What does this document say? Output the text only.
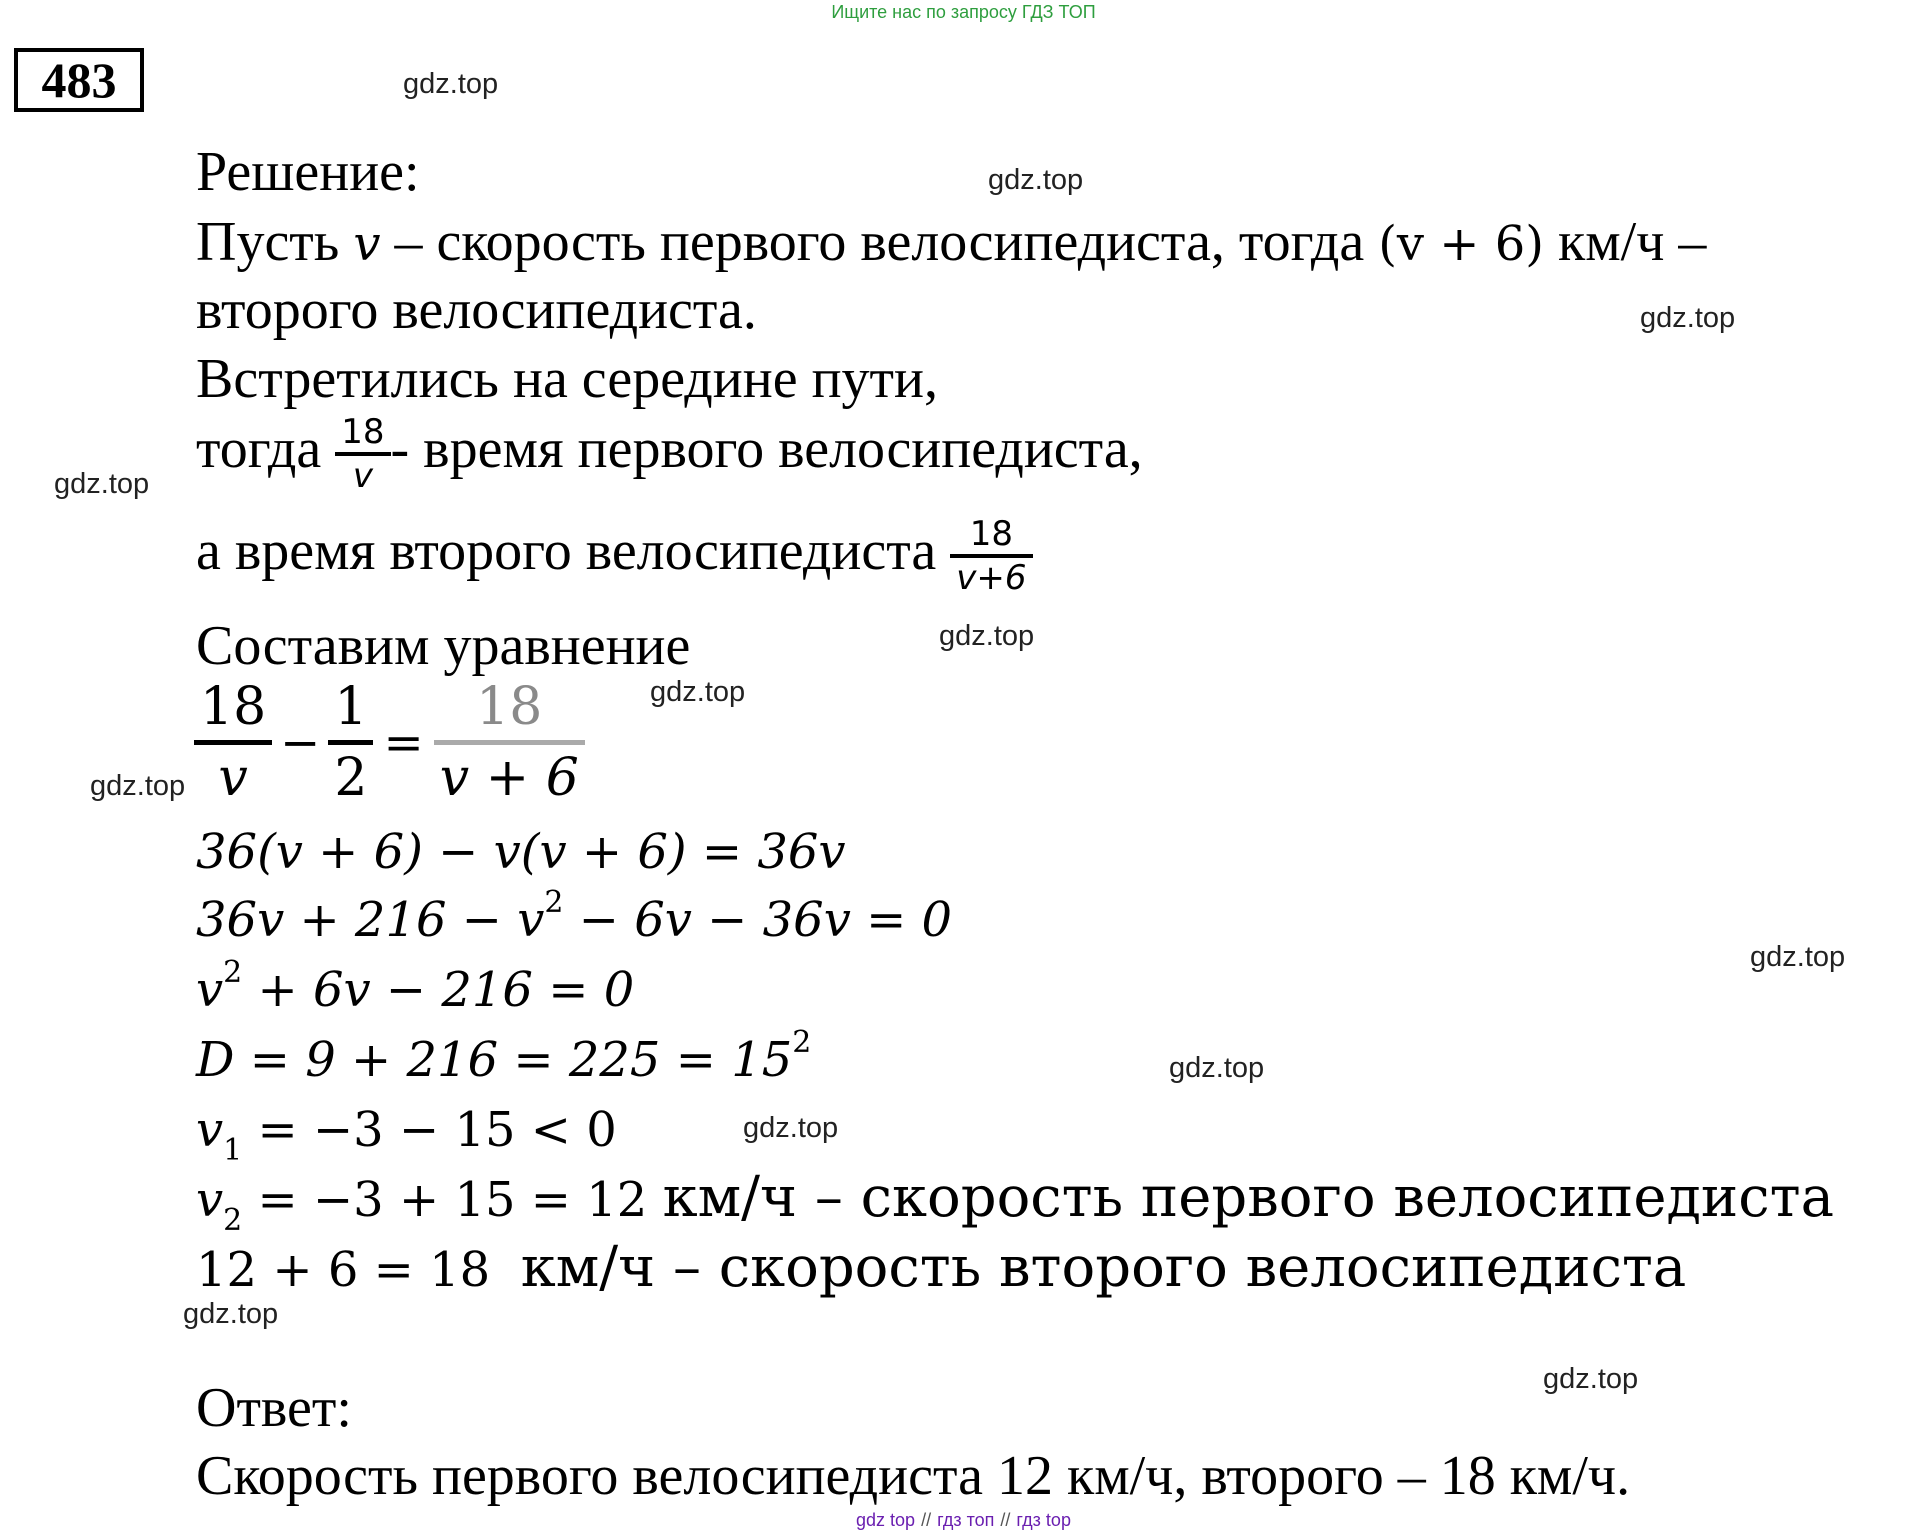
Ищите нас по запросу ГДЗ ТОП
483	gdz.top
gdz.top
gdz.top
gdz.top
gdz.top
gdz.top
gdz.top
gdz.top
gdz.top
gdz.top
gdz.top
gdz.top
Решение:
Пусть v – скорость первого велосипедиста, тогда (v + 6) км/ч –
второго велосипедиста.
Встретились на середине пути,
тогда $\frac{18}{v}$ - время первого велосипедиста,
а время второго велосипедиста $\frac{18}{v+6}$
Составим уравнение
$\frac{18}{v} - \frac{1}{2} = \frac{18}{v + 6}$
36(v + 6) − v(v + 6) = 36v
$36v + 216 - v^2 - 6v - 36v = 0$
$v^2 + 6v - 216 = 0$
$D = 9 + 216 = 225 = 15^2$
$v_1 = -3 - 15 < 0$
$v_2 = -3 + 15 = 12$ км/ч – скорость первого велосипедиста
12 + 6 = 18 км/ч – скорость второго велосипедиста
Ответ:
Скорость первого велосипедиста 12 км/ч, второго – 18 км/ч.
gdz top // гдз топ // гдз top
